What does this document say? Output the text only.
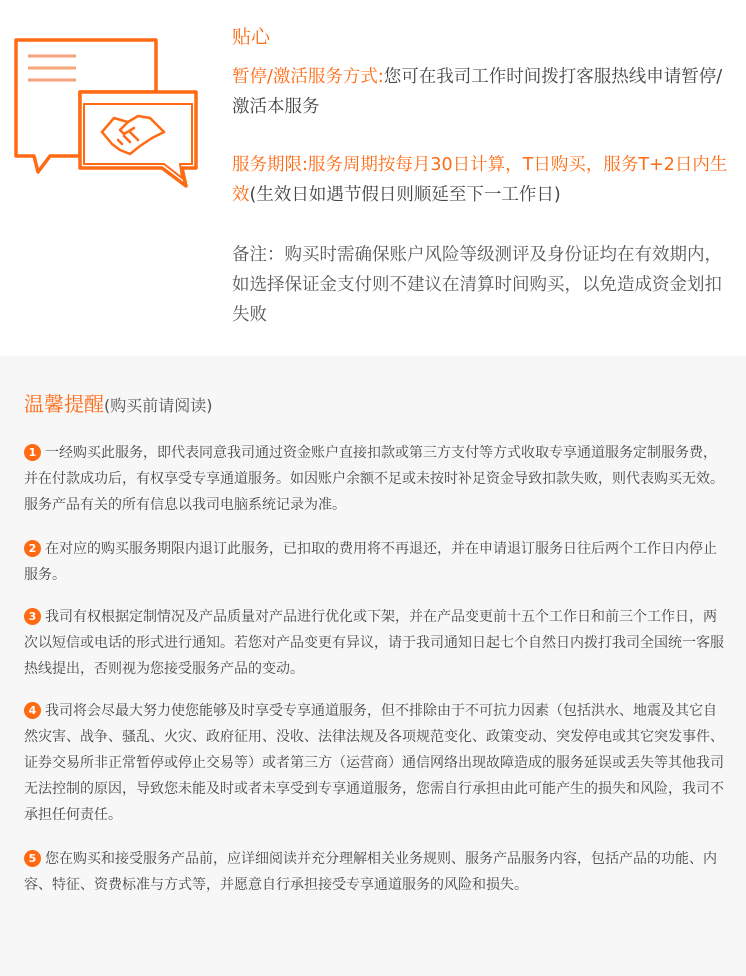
贴心
暂停/激活服务方式:您可在我司工作时间拨打客服热线申请暂停/激活本服务
服务期限:服务周期按每月30日计算，T日购买，服务T+2日内生效(生效日如遇节假日则顺延至下一工作日)
备注：购买时需确保账户风险等级测评及身份证均在有效期内，如选择保证金支付则不建议在清算时间购买，以免造成资金划扣失败
温馨提醒(购买前请阅读)
1 一经购买此服务，即代表同意我司通过资金账户直接扣款或第三方支付等方式收取专享通道服务定制服务费，并在付款成功后，有权享受专享通道服务。如因账户余额不足或未按时补足资金导致扣款失败，则代表购买无效。服务产品有关的所有信息以我司电脑系统记录为准。
2 在对应的购买服务期限内退订此服务，已扣取的费用将不再退还，并在申请退订服务日往后两个工作日内停止服务。
3 我司有权根据定制情况及产品质量对产品进行优化或下架，并在产品变更前十五个工作日和前三个工作日，两次以短信或电话的形式进行通知。若您对产品变更有异议，请于我司通知日起七个自然日内拨打我司全国统一客服热线提出，否则视为您接受服务产品的变动。
4 我司将会尽最大努力使您能够及时享受专享通道服务，但不排除由于不可抗力因素（包括洪水、地震及其它自然灾害、战争、骚乱、火灾、政府征用、没收、法律法规及各项规范变化、政策变动、突发停电或其它突发事件、证券交易所非正常暂停或停止交易等）或者第三方（运营商）通信网络出现故障造成的服务延误或丢失等其他我司无法控制的原因，导致您未能及时或者未享受到专享通道服务，您需自行承担由此可能产生的损失和风险，我司不承担任何责任。
5 您在购买和接受服务产品前，应详细阅读并充分理解相关业务规则、服务产品服务内容，包括产品的功能、内容、特征、资费标准与方式等，并愿意自行承担接受专享通道服务的风险和损失。
